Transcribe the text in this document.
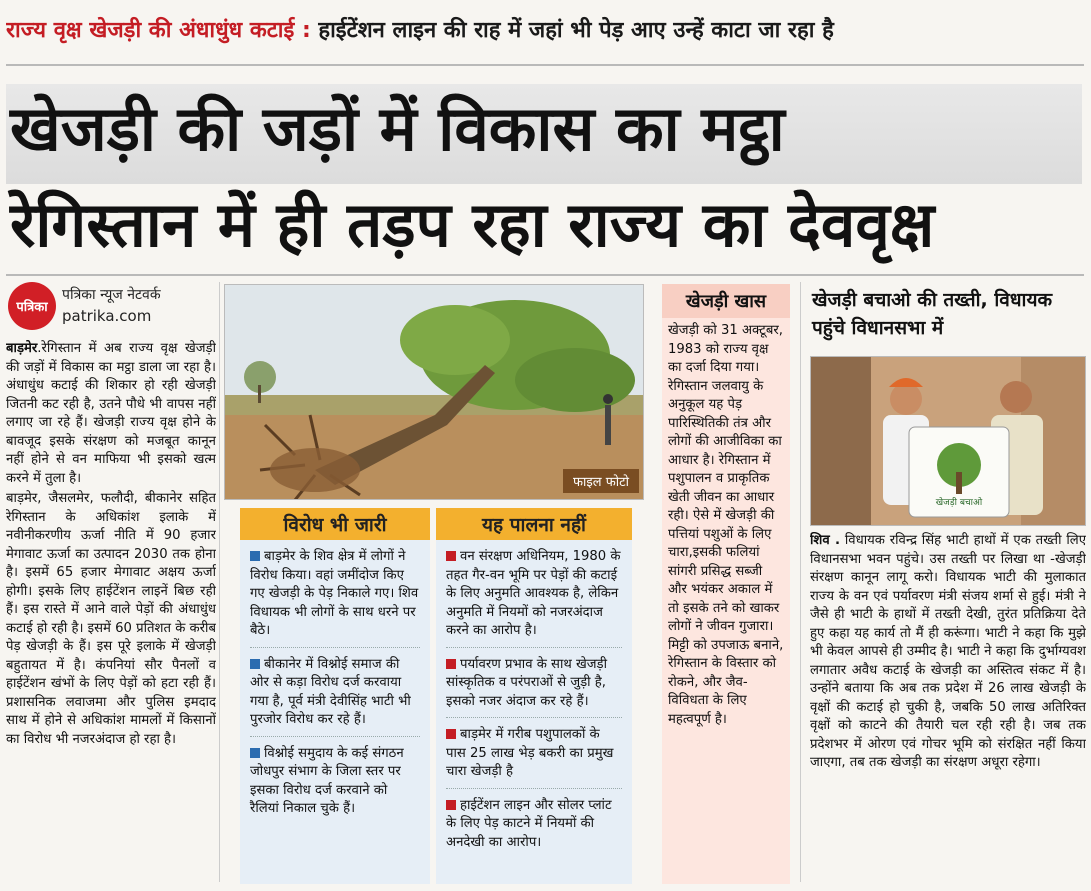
राज्य वृक्ष खेजड़ी की अंधाधुंध कटाई : हाईटेंशन लाइन की राह में जहां भी पेड़ आए उन्हें काटा जा रहा है
खेजड़ी की जड़ों में विकास का मट्ठा
रेगिस्तान में ही तड़प रहा राज्य का देववृक्ष
पत्रिका
पत्रिका न्यूज नेटवर्क
patrika.com

बाड़मेर.रेगिस्तान में अब राज्य वृक्ष खेजड़ी की जड़ों में विकास का मट्ठा डाला जा रहा है। अंधाधुंध कटाई की शिकार हो रही खेजड़ी जितनी कट रही है, उतने पौधे भी वापस नहीं लगाए जा रहे हैं। खेजड़ी राज्य वृक्ष होने के बावजूद इसके संरक्षण को मजबूत कानून नहीं होने से वन माफिया भी इसको खत्म करने में तुला है।

बाड़मेर, जैसलमेर, फलौदी, बीकानेर सहित रेगिस्तान के अधिकांश इलाके में नवीनीकरणीय ऊर्जा नीति में 90 हजार मेगावाट ऊर्जा का उत्पादन 2030 तक होना है। इसमें 65 हजार मेगावाट अक्षय ऊर्जा होगी। इसके लिए हाईटेंशन लाइनें बिछ रही हैं। इस रास्ते में आने वाले पेड़ों की अंधाधुंध कटाई हो रही है। इसमें 60 प्रतिशत के करीब पेड़ खेजड़ी के हैं। इस पूरे इलाके में खेजड़ी बहुतायत में है। कंपनियां सौर पैनलों व हाईटेंशन खंभों के लिए पेड़ों को हटा रही हैं। प्रशासनिक लवाजमा और पुलिस इमदाद साथ में होने से अधिकांश मामलों में किसानों का विरोध भी नजरअंदाज हो रहा है।

फाइल फोटो
विरोध भी जारी
बाड़मेर के शिव क्षेत्र में लोगों ने विरोध किया। वहां जमींदोज किए गए खेजड़ी के पेड़ निकाले गए। शिव विधायक भी लोगों के साथ धरने पर बैठे।
बीकानेर में विश्नोई समाज की ओर से कड़ा विरोध दर्ज करवाया गया है, पूर्व मंत्री देवीसिंह भाटी भी पुरजोर विरोध कर रहे हैं।
विश्नोई समुदाय के कई संगठन जोधपुर संभाग के जिला स्तर पर इसका विरोध दर्ज करवाने को रैलियां निकाल चुके हैं।
यह पालना नहीं
वन संरक्षण अधिनियम, 1980 के तहत गैर-वन भूमि पर पेड़ों की कटाई के लिए अनुमति आवश्यक है, लेकिन अनुमति में नियमों को नजरअंदाज करने का आरोप है।
पर्यावरण प्रभाव के साथ खेजड़ी सांस्कृतिक व परंपराओं से जुड़ी है, इसको नजर अंदाज कर रहे हैं।
बाड़मेर में गरीब पशुपालकों के पास 25 लाख भेड़ बकरी का प्रमुख चारा खेजड़ी है
हाईटेंशन लाइन और सोलर प्लांट के लिए पेड़ काटने में नियमों की अनदेखी का आरोप।
खेजड़ी खास
खेजड़ी को 31 अक्टूबर, 1983 को राज्य वृक्ष का दर्जा दिया गया। रेगिस्तान जलवायु के अनुकूल यह पेड़ पारिस्थितिकी तंत्र और लोगों की आजीविका का आधार है। रेगिस्तान में पशुपालन व प्राकृतिक खेती जीवन का आधार रही। ऐसे में खेजड़ी की पत्तियां पशुओं के लिए चारा,इसकी फलियां सांगरी प्रसिद्ध सब्जी और भयंकर अकाल में तो इसके तने को खाकर लोगों ने जीवन गुजारा। मिट्टी को उपजाऊ बनाने, रेगिस्तान के विस्तार को रोकने, और जैव-विविधता के लिए महत्वपूर्ण है।
खेजड़ी बचाओ की तख्ती, विधायक पहुंचे विधानसभा में
खेजड़ी बचाओ
शिव . विधायक रविन्द्र सिंह भाटी हाथों में एक तख्ती लिए विधानसभा भवन पहुंचे। उस तख्ती पर लिखा था -खेजड़ी संरक्षण कानून लागू करो। विधायक भाटी की मुलाकात राज्य के वन एवं पर्यावरण मंत्री संजय शर्मा से हुई। मंत्री ने जैसे ही भाटी के हाथों में तख्ती देखी, तुरंत प्रतिक्रिया देते हुए कहा यह कार्य तो मैं ही करूंगा। भाटी ने कहा कि मुझे भी केवल आपसे ही उम्मीद है। भाटी ने कहा कि दुर्भाग्यवश लगातार अवैध कटाई के खेजड़ी का अस्तित्व संकट में है। उन्होंने बताया कि अब तक प्रदेश में 26 लाख खेजड़ी के वृक्षों की कटाई हो चुकी है, जबकि 50 लाख अतिरिक्त वृक्षों को काटने की तैयारी चल रही रही है। जब तक प्रदेशभर में ओरण एवं गोचर भूमि को संरक्षित नहीं किया जाएगा, तब तक खेजड़ी का संरक्षण अधूरा रहेगा।
